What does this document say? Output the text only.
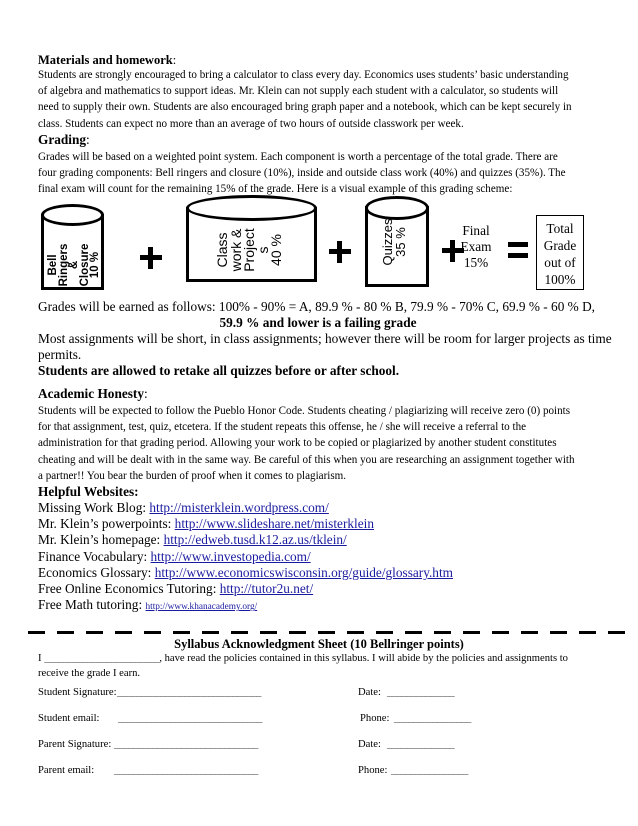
Materials and homework:

Students are strongly encouraged to bring a calculator to class every day. Economics uses students’ basic understanding

of algebra and mathematics to support ideas. Mr. Klein can not supply each student with a calculator, so students will

need to supply their own. Students are also encouraged bring graph paper and a notebook, which can be kept securely in

class. Students can expect no more than an average of two hours of outside classwork per week.

Grading:

Grades will be based on a weighted point system. Each component is worth a percentage of the total grade. There are

four grading components: Bell ringers and closure (10%), inside and outside class work (40%) and quizzes (35%). The

final exam will count for the remaining 15% of the grade. Here is a visual example of this grading scheme:

Bell
Ringers
&
Closure
10 %	Class
work &
Project
s
40 %	Quizzes
35 %	Final
Exam
15%
Total
Grade
out of
100%

Grades will be earned as follows: 100% - 90% = A, 89.9 % - 80 % B, 79.9 % - 70% C, 69.9 % - 60 % D,

59.9 % and lower is a failing grade

Most assignments will be short, in class assignments; however there will be room for larger projects as time

permits.

Students are allowed to retake all quizzes before or after school.

Academic Honesty:

Students will be expected to follow the Pueblo Honor Code. Students cheating / plagiarizing will receive zero (0) points

for that assignment, test, quiz, etcetera. If the student repeats this offense, he / she will receive a referral to the

administration for that grading period. Allowing your work to be copied or plagiarized by another student constitutes

cheating and will be dealt with in the same way. Be careful of this when you are researching an assignment together with

a partner!! You bear the burden of proof when it comes to plagiarism.

Helpful Websites:

Missing Work Blog: http://misterklein.wordpress.com/

Mr. Klein’s powerpoints: http://www.slideshare.net/misterklein

Mr. Klein’s homepage: http://edweb.tusd.k12.az.us/tklein/

Finance Vocabulary: http://www.investopedia.com/

Economics Glossary: http://www.economicswisconsin.org/guide/glossary.htm

Free Online Economics Tutoring: http://tutor2u.net/

Free Math tutoring: http://www.khanacademy.org/

Syllabus Acknowledgment Sheet (10 Bellringer points)
I ________________________, have read the policies contained in this syllabus. I will abide by the policies and assignments to
receive the grade I earn.
Student Signature: ______________________________	Date: ______________
Student email: ______________________________	Phone: ________________
Parent Signature: ______________________________	Date: ______________
Parent email: ______________________________	Phone: ________________
